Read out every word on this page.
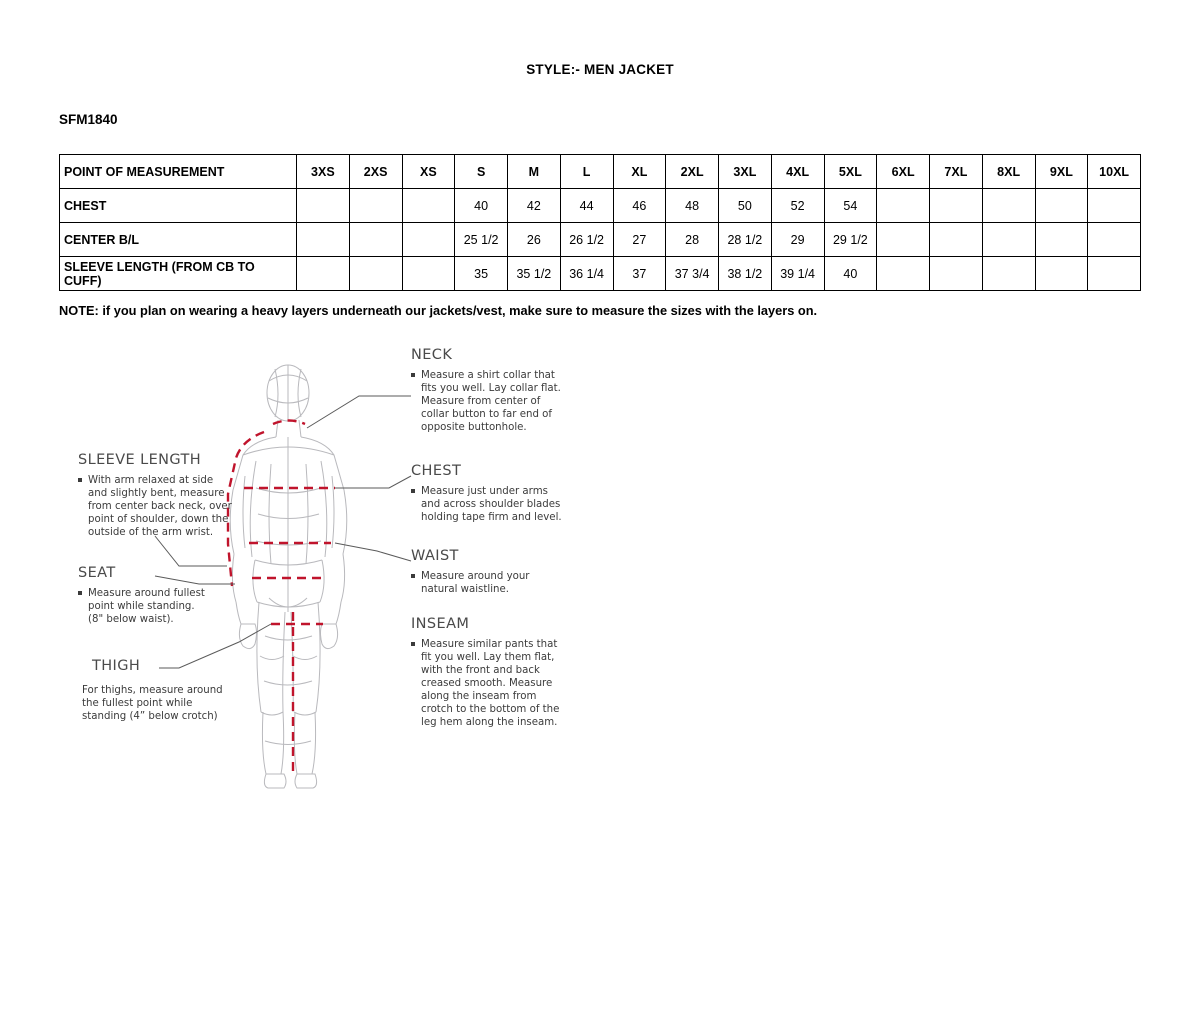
STYLE:- MEN JACKET
SFM1840
POINT OF MEASUREMENT	3XS	2XS	XS	S	M	L	XL	2XL	3XL	4XL	5XL	6XL	7XL	8XL	9XL	10XL
CHEST				40	42	44	46	48	50	52	54					
CENTER B/L				25 1/2	26	26 1/2	27	28	28 1/2	29	29 1/2					
SLEEVE LENGTH (FROM CB TO CUFF)				35	35 1/2	36 1/4	37	37 3/4	38 1/2	39 1/4	40					
NOTE: if you plan on wearing a heavy layers underneath our jackets/vest, make sure to measure the sizes with the layers on.
NECK
Measure a shirt collar that
fits you well. Lay collar flat.
Measure from center of
collar button to far end of
opposite buttonhole.
CHEST
Measure just under arms
and across shoulder blades
holding tape firm and level.
WAIST
Measure around your
natural waistline.
INSEAM
Measure similar pants that
fit you well. Lay them flat,
with the front and back
creased smooth. Measure
along the inseam from
crotch to the bottom of the
leg hem along the inseam.
SLEEVE LENGTH
With arm relaxed at side
and slightly bent, measure
from center back neck, over
point of shoulder, down the
outside of the arm wrist.
SEAT
Measure around fullest
point while standing.
(8" below waist).
THIGH
For thighs, measure around
the fullest point while
standing (4” below crotch)
